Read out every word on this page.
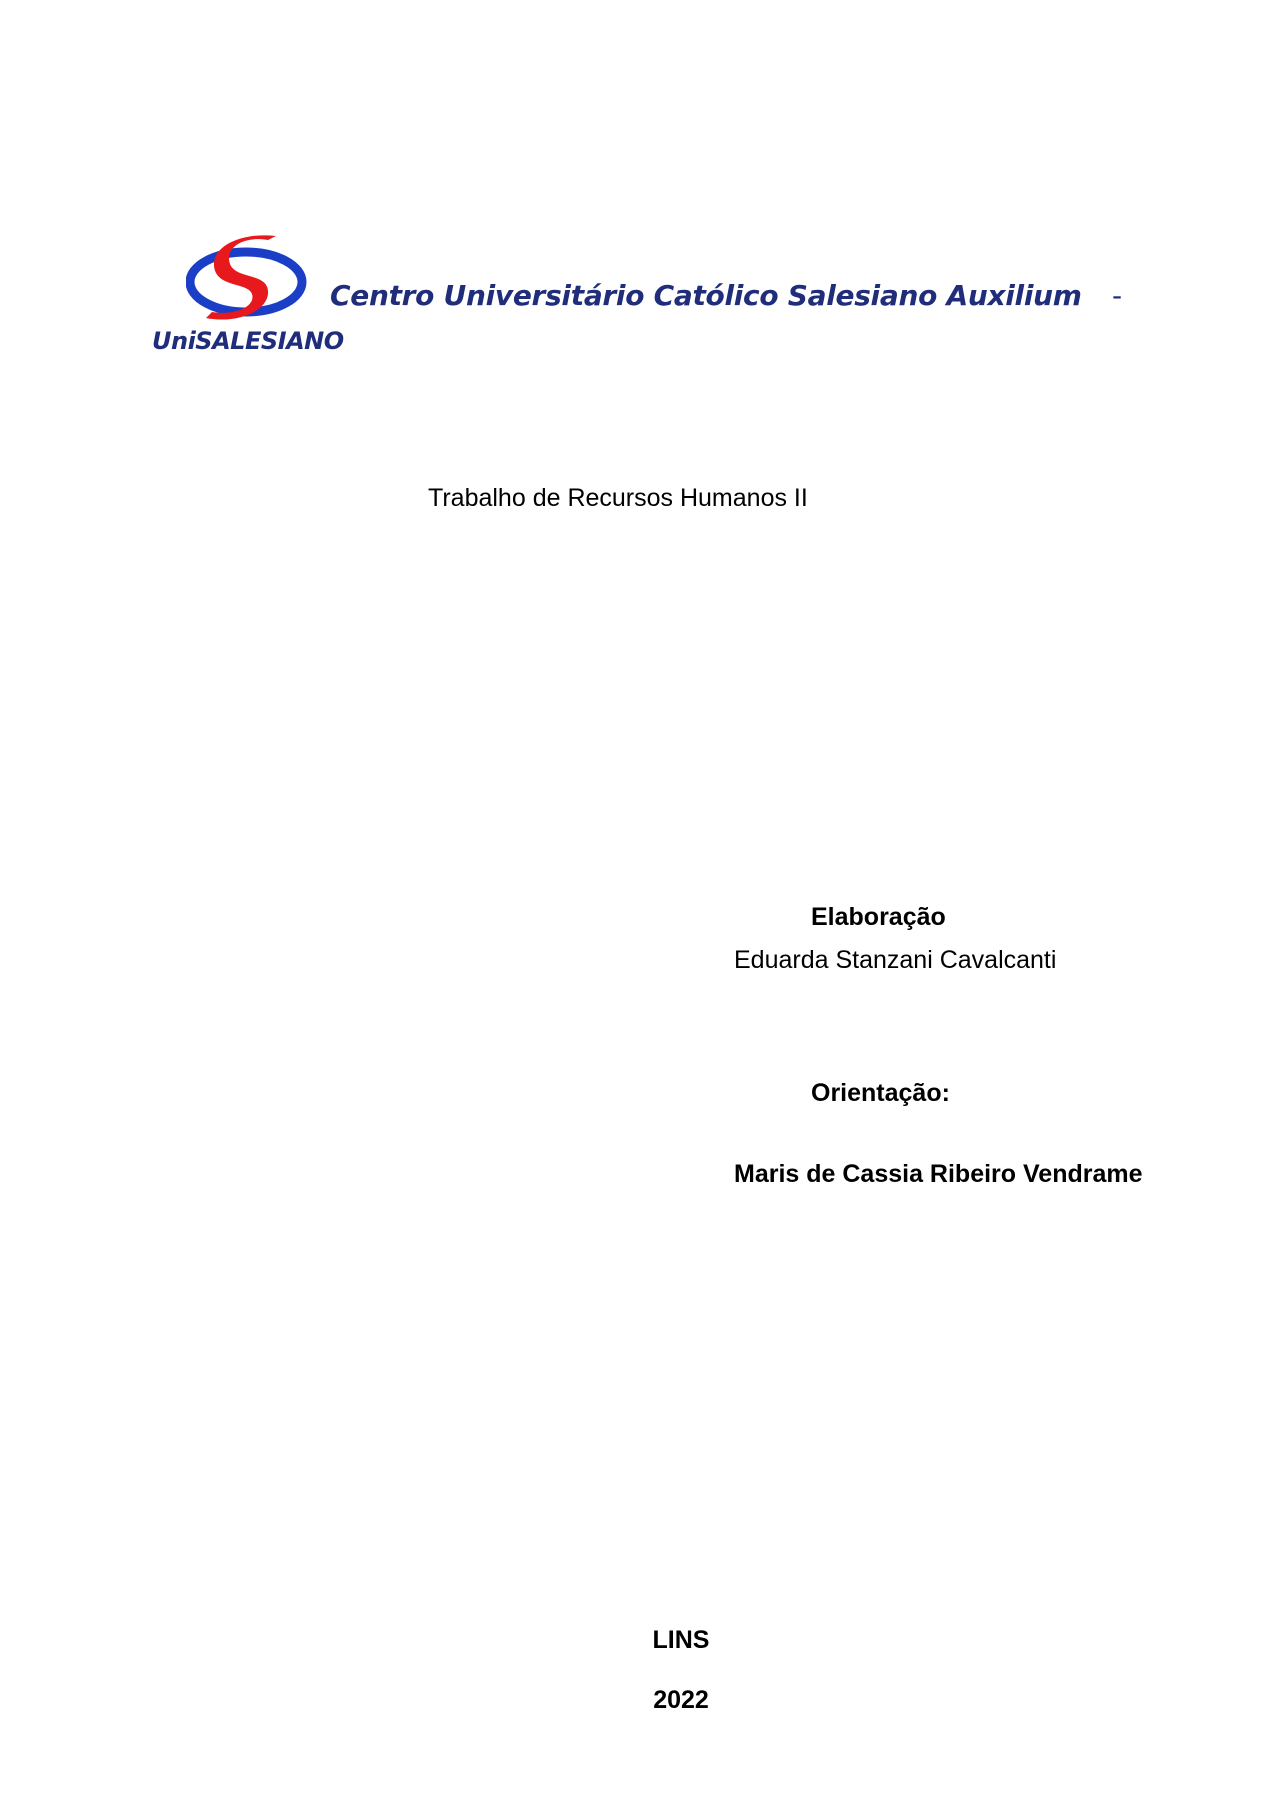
UniSALESIANO
Centro Universitário Católico Salesiano Auxilium -
Trabalho de Recursos Humanos II
Elaboração
Eduarda Stanzani Cavalcanti
Orientação:
Maris de Cassia Ribeiro Vendrame
LINS
2022
